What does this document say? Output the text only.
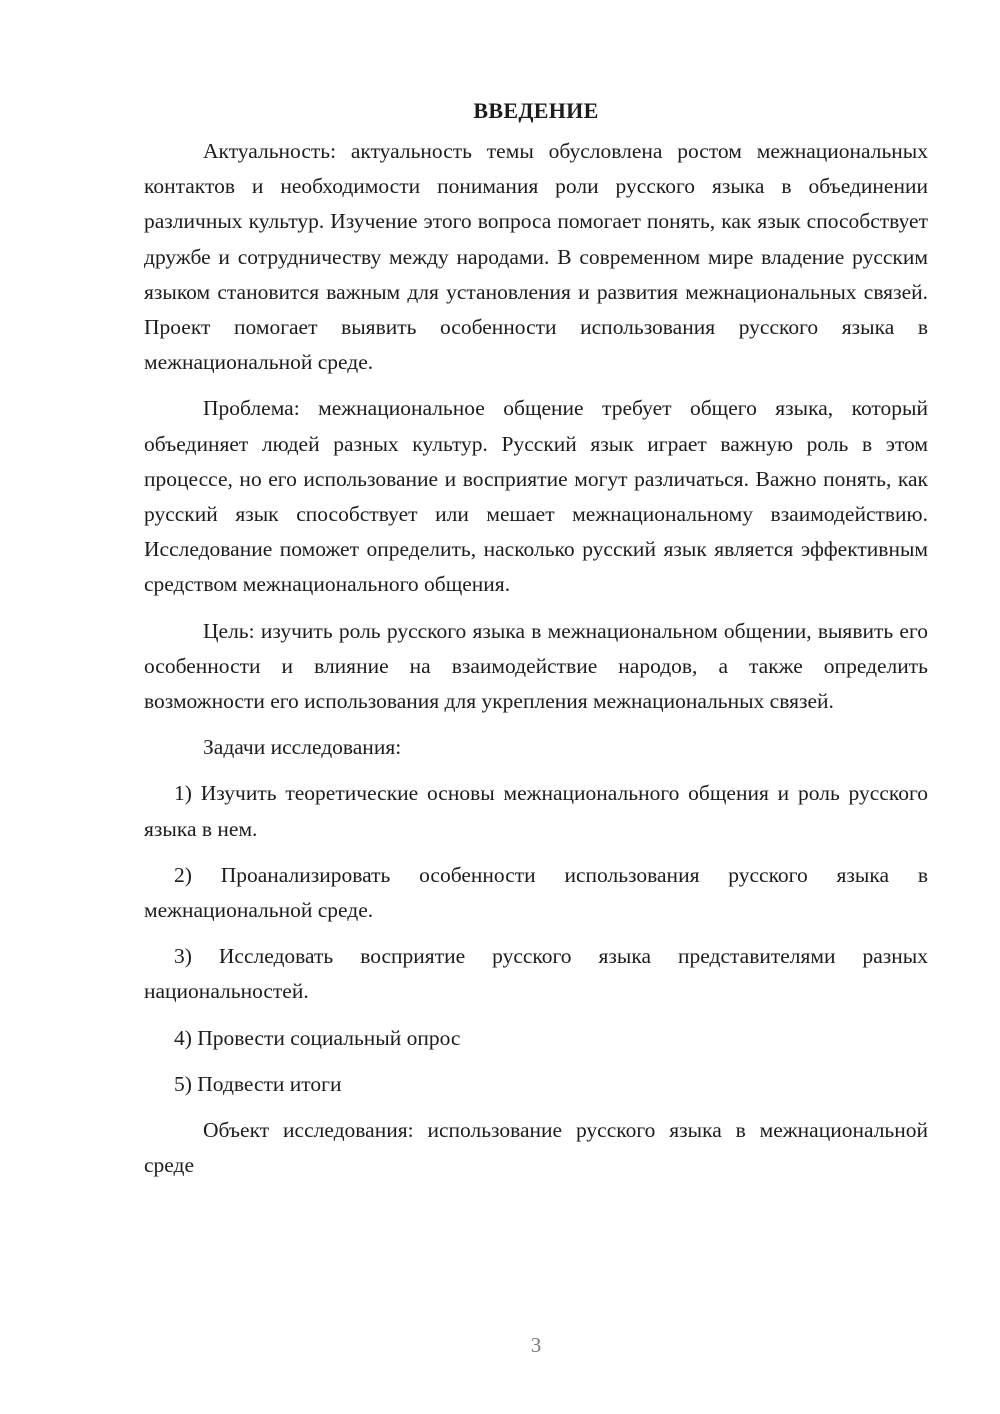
ВВЕДЕНИЕ

Актуальность: актуальность темы обусловлена ростом межнациональных контактов и необходимости понимания роли русского языка в объединении различных культур. Изучение этого вопроса помогает понять, как язык способствует дружбе и сотрудничеству между народами. В современном мире владение русским языком становится важным для установления и развития межнациональных связей. Проект помогает выявить особенности использования русского языка в межнациональной среде.

Проблема: межнациональное общение требует общего языка, который объединяет людей разных культур. Русский язык играет важную роль в этом процессе, но его использование и восприятие могут различаться. Важно понять, как русский язык способствует или мешает межнациональному взаимодействию. Исследование поможет определить, насколько русский язык является эффективным средством межнационального общения.

Цель: изучить роль русского языка в межнациональном общении, выявить его особенности и влияние на взаимодействие народов, а также определить возможности его использования для укрепления межнациональных связей.

Задачи исследования:

1) Изучить теоретические основы межнационального общения и роль русского языка в нем.

2) Проанализировать особенности использования русского языка в межнациональной среде.

3) Исследовать восприятие русского языка представителями разных национальностей.

4) Провести социальный опрос

5) Подвести итоги

Объект исследования: использование русского языка в межнациональной среде

3
